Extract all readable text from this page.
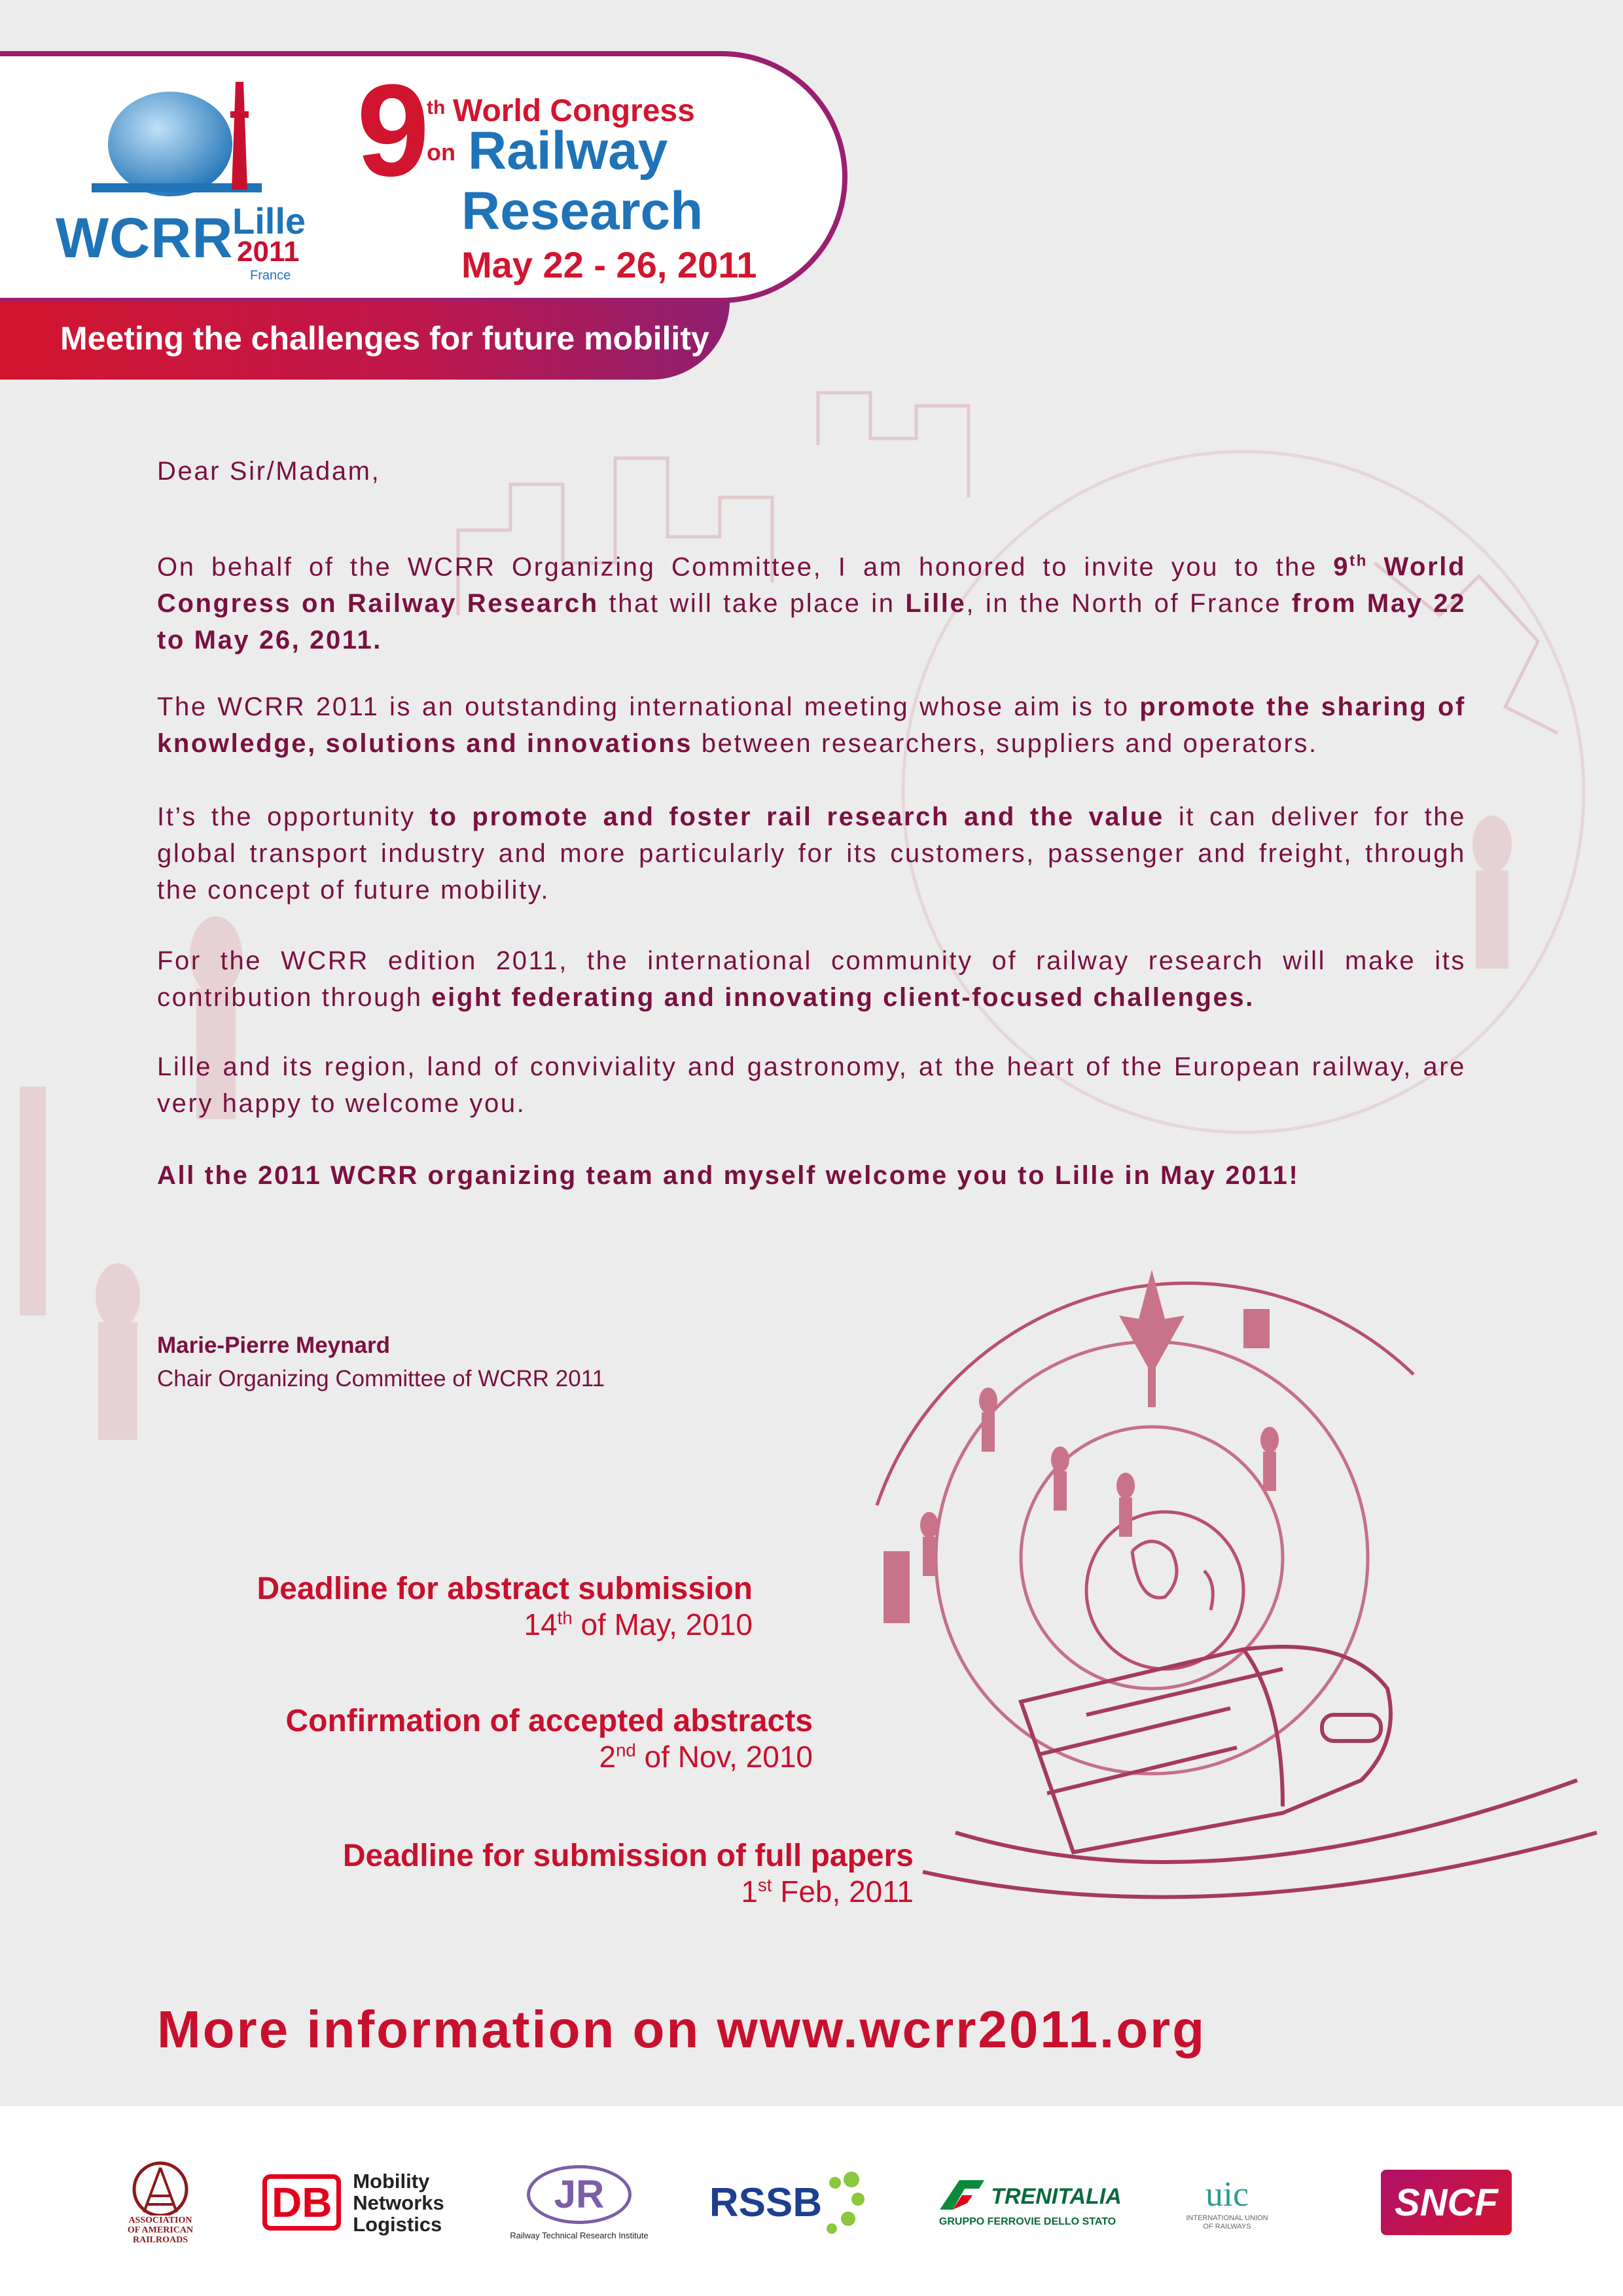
Meeting the challenges for future mobility
WCRR
Lille
2011
France
9
th World Congress
on Railway
Research
May 22 - 26, 2011
Dear Sir/Madam,
On behalf of the WCRR Organizing Committee, I am honored to invite you to the 9th World Congress on Railway Research that will take place in Lille, in the North of France from May 22 to May 26, 2011.
The WCRR 2011 is an outstanding international meeting whose aim is to promote the sharing of knowledge, solutions and innovations between researchers, suppliers and operators.
It’s the opportunity to promote and foster rail research and the value it can deliver for the global transport industry and more particularly for its customers, passenger and freight, through the concept of future mobility.
For the WCRR edition 2011, the international community of railway research will make its contribution through eight federating and innovating client-focused challenges.
Lille and its region, land of conviviality and gastronomy, at the heart of the European railway, are very happy to welcome you.
All the 2011 WCRR organizing team and myself welcome you to Lille in May 2011!
Marie-Pierre Meynard
Chair Organizing Committee of WCRR 2011
Deadline for abstract submission
14th of May, 2010
Confirmation of accepted abstracts
2nd of Nov, 2010
Deadline for submission of full papers
1st Feb, 2011
More information on www.wcrr2011.org
ASSOCIATION
OF AMERICAN
RAILROADS
DB	Mobility
Networks
Logistics
JR
Railway Technical Research Institute
RSSB	TRENITALIA
GRUPPO FERROVIE DELLO STATO
uic
INTERNATIONAL UNION
OF RAILWAYS
SNCF
